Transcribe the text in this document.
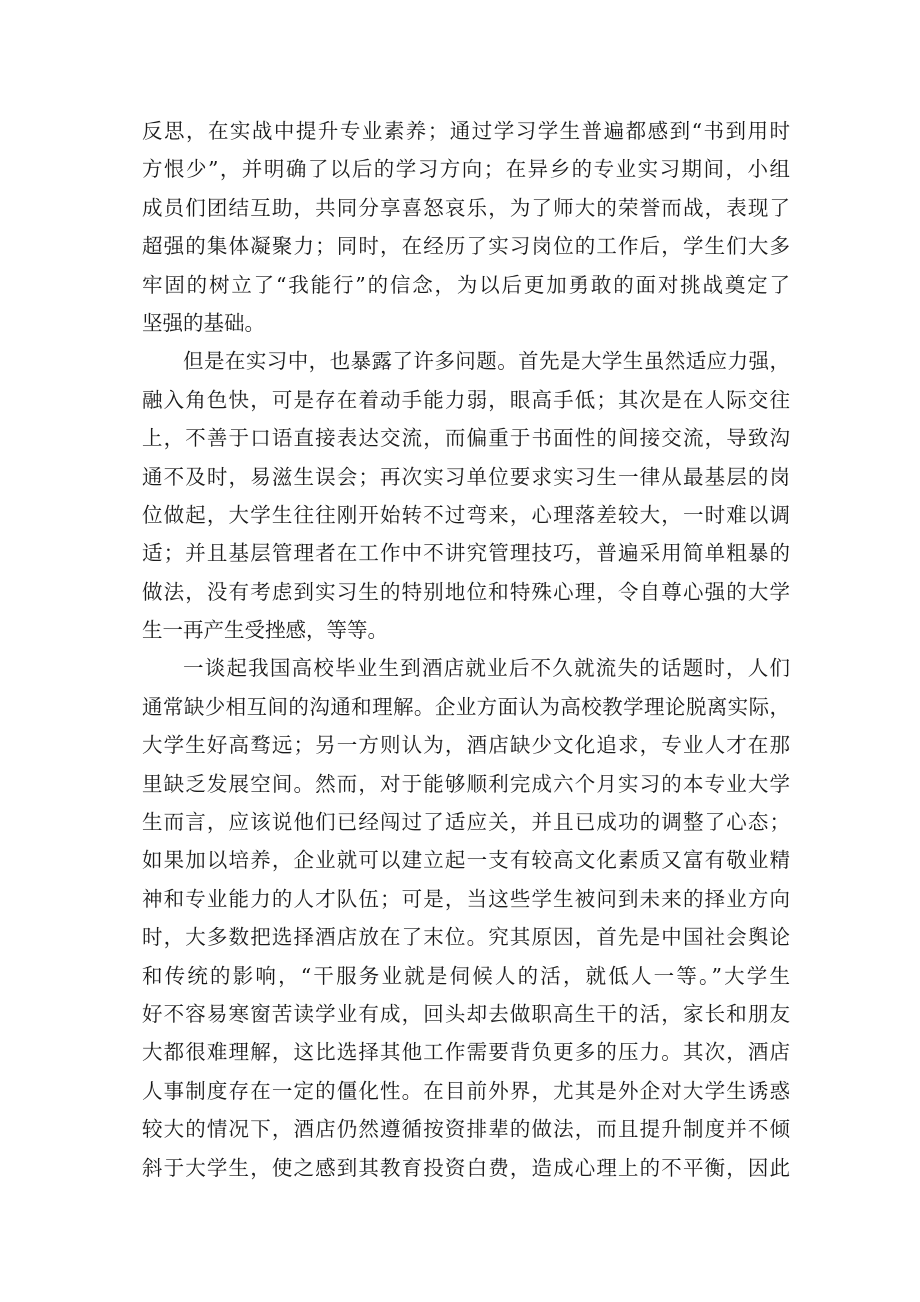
反思，在实战中提升专业素养；通过学习学生普遍都感到“书到用时
方恨少”，并明确了以后的学习方向；在异乡的专业实习期间，小组
成员们团结互助，共同分享喜怒哀乐，为了师大的荣誉而战，表现了
超强的集体凝聚力；同时，在经历了实习岗位的工作后，学生们大多
牢固的树立了“我能行”的信念，为以后更加勇敢的面对挑战奠定了
坚强的基础。
但是在实习中，也暴露了许多问题。首先是大学生虽然适应力强，
融入角色快，可是存在着动手能力弱，眼高手低；其次是在人际交往
上，不善于口语直接表达交流，而偏重于书面性的间接交流，导致沟
通不及时，易滋生误会；再次实习单位要求实习生一律从最基层的岗
位做起，大学生往往刚开始转不过弯来，心理落差较大，一时难以调
适；并且基层管理者在工作中不讲究管理技巧，普遍采用简单粗暴的
做法，没有考虑到实习生的特别地位和特殊心理，令自尊心强的大学
生一再产生受挫感，等等。
一谈起我国高校毕业生到酒店就业后不久就流失的话题时，人们
通常缺少相互间的沟通和理解。企业方面认为高校教学理论脱离实际，
大学生好高骛远；另一方则认为，酒店缺少文化追求，专业人才在那
里缺乏发展空间。然而，对于能够顺利完成六个月实习的本专业大学
生而言，应该说他们已经闯过了适应关，并且已成功的调整了心态；
如果加以培养，企业就可以建立起一支有较高文化素质又富有敬业精
神和专业能力的人才队伍；可是，当这些学生被问到未来的择业方向
时，大多数把选择酒店放在了末位。究其原因，首先是中国社会舆论
和传统的影响，“干服务业就是伺候人的活，就低人一等。”大学生
好不容易寒窗苦读学业有成，回头却去做职高生干的活，家长和朋友
大都很难理解，这比选择其他工作需要背负更多的压力。其次，酒店
人事制度存在一定的僵化性。在目前外界，尤其是外企对大学生诱惑
较大的情况下，酒店仍然遵循按资排辈的做法，而且提升制度并不倾
斜于大学生，使之感到其教育投资白费，造成心理上的不平衡，因此
